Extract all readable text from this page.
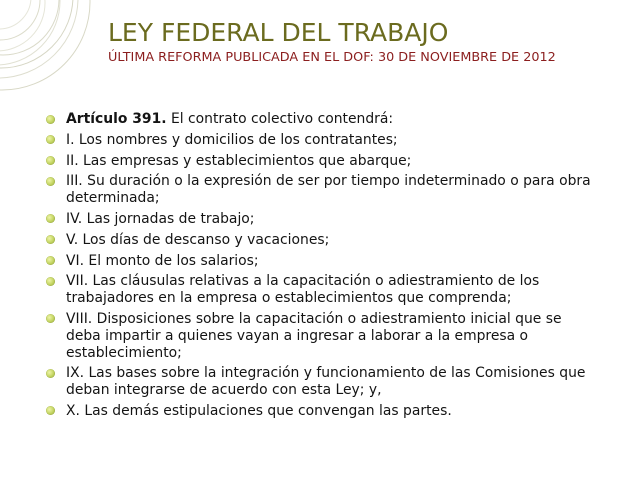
LEY FEDERAL DEL TRABAJO
ÚLTIMA REFORMA PUBLICADA EN EL DOF: 30 DE NOVIEMBRE DE 2012
Artículo 391. El contrato colectivo contendrá:
I. Los nombres y domicilios de los contratantes;
II. Las empresas y establecimientos que abarque;
III. Su duración o la expresión de ser por tiempo indeterminado o para obra determinada;
IV. Las jornadas de trabajo;
V. Los días de descanso y vacaciones;
VI. El monto de los salarios;
VII. Las cláusulas relativas a la capacitación o adiestramiento de los trabajadores en la empresa o establecimientos que comprenda;
VIII. Disposiciones sobre la capacitación o adiestramiento inicial que se deba impartir a quienes vayan a ingresar a laborar a la empresa o establecimiento;
IX. Las bases sobre la integración y funcionamiento de las Comisiones que deban integrarse de acuerdo con esta Ley; y,
X. Las demás estipulaciones que convengan las partes.
